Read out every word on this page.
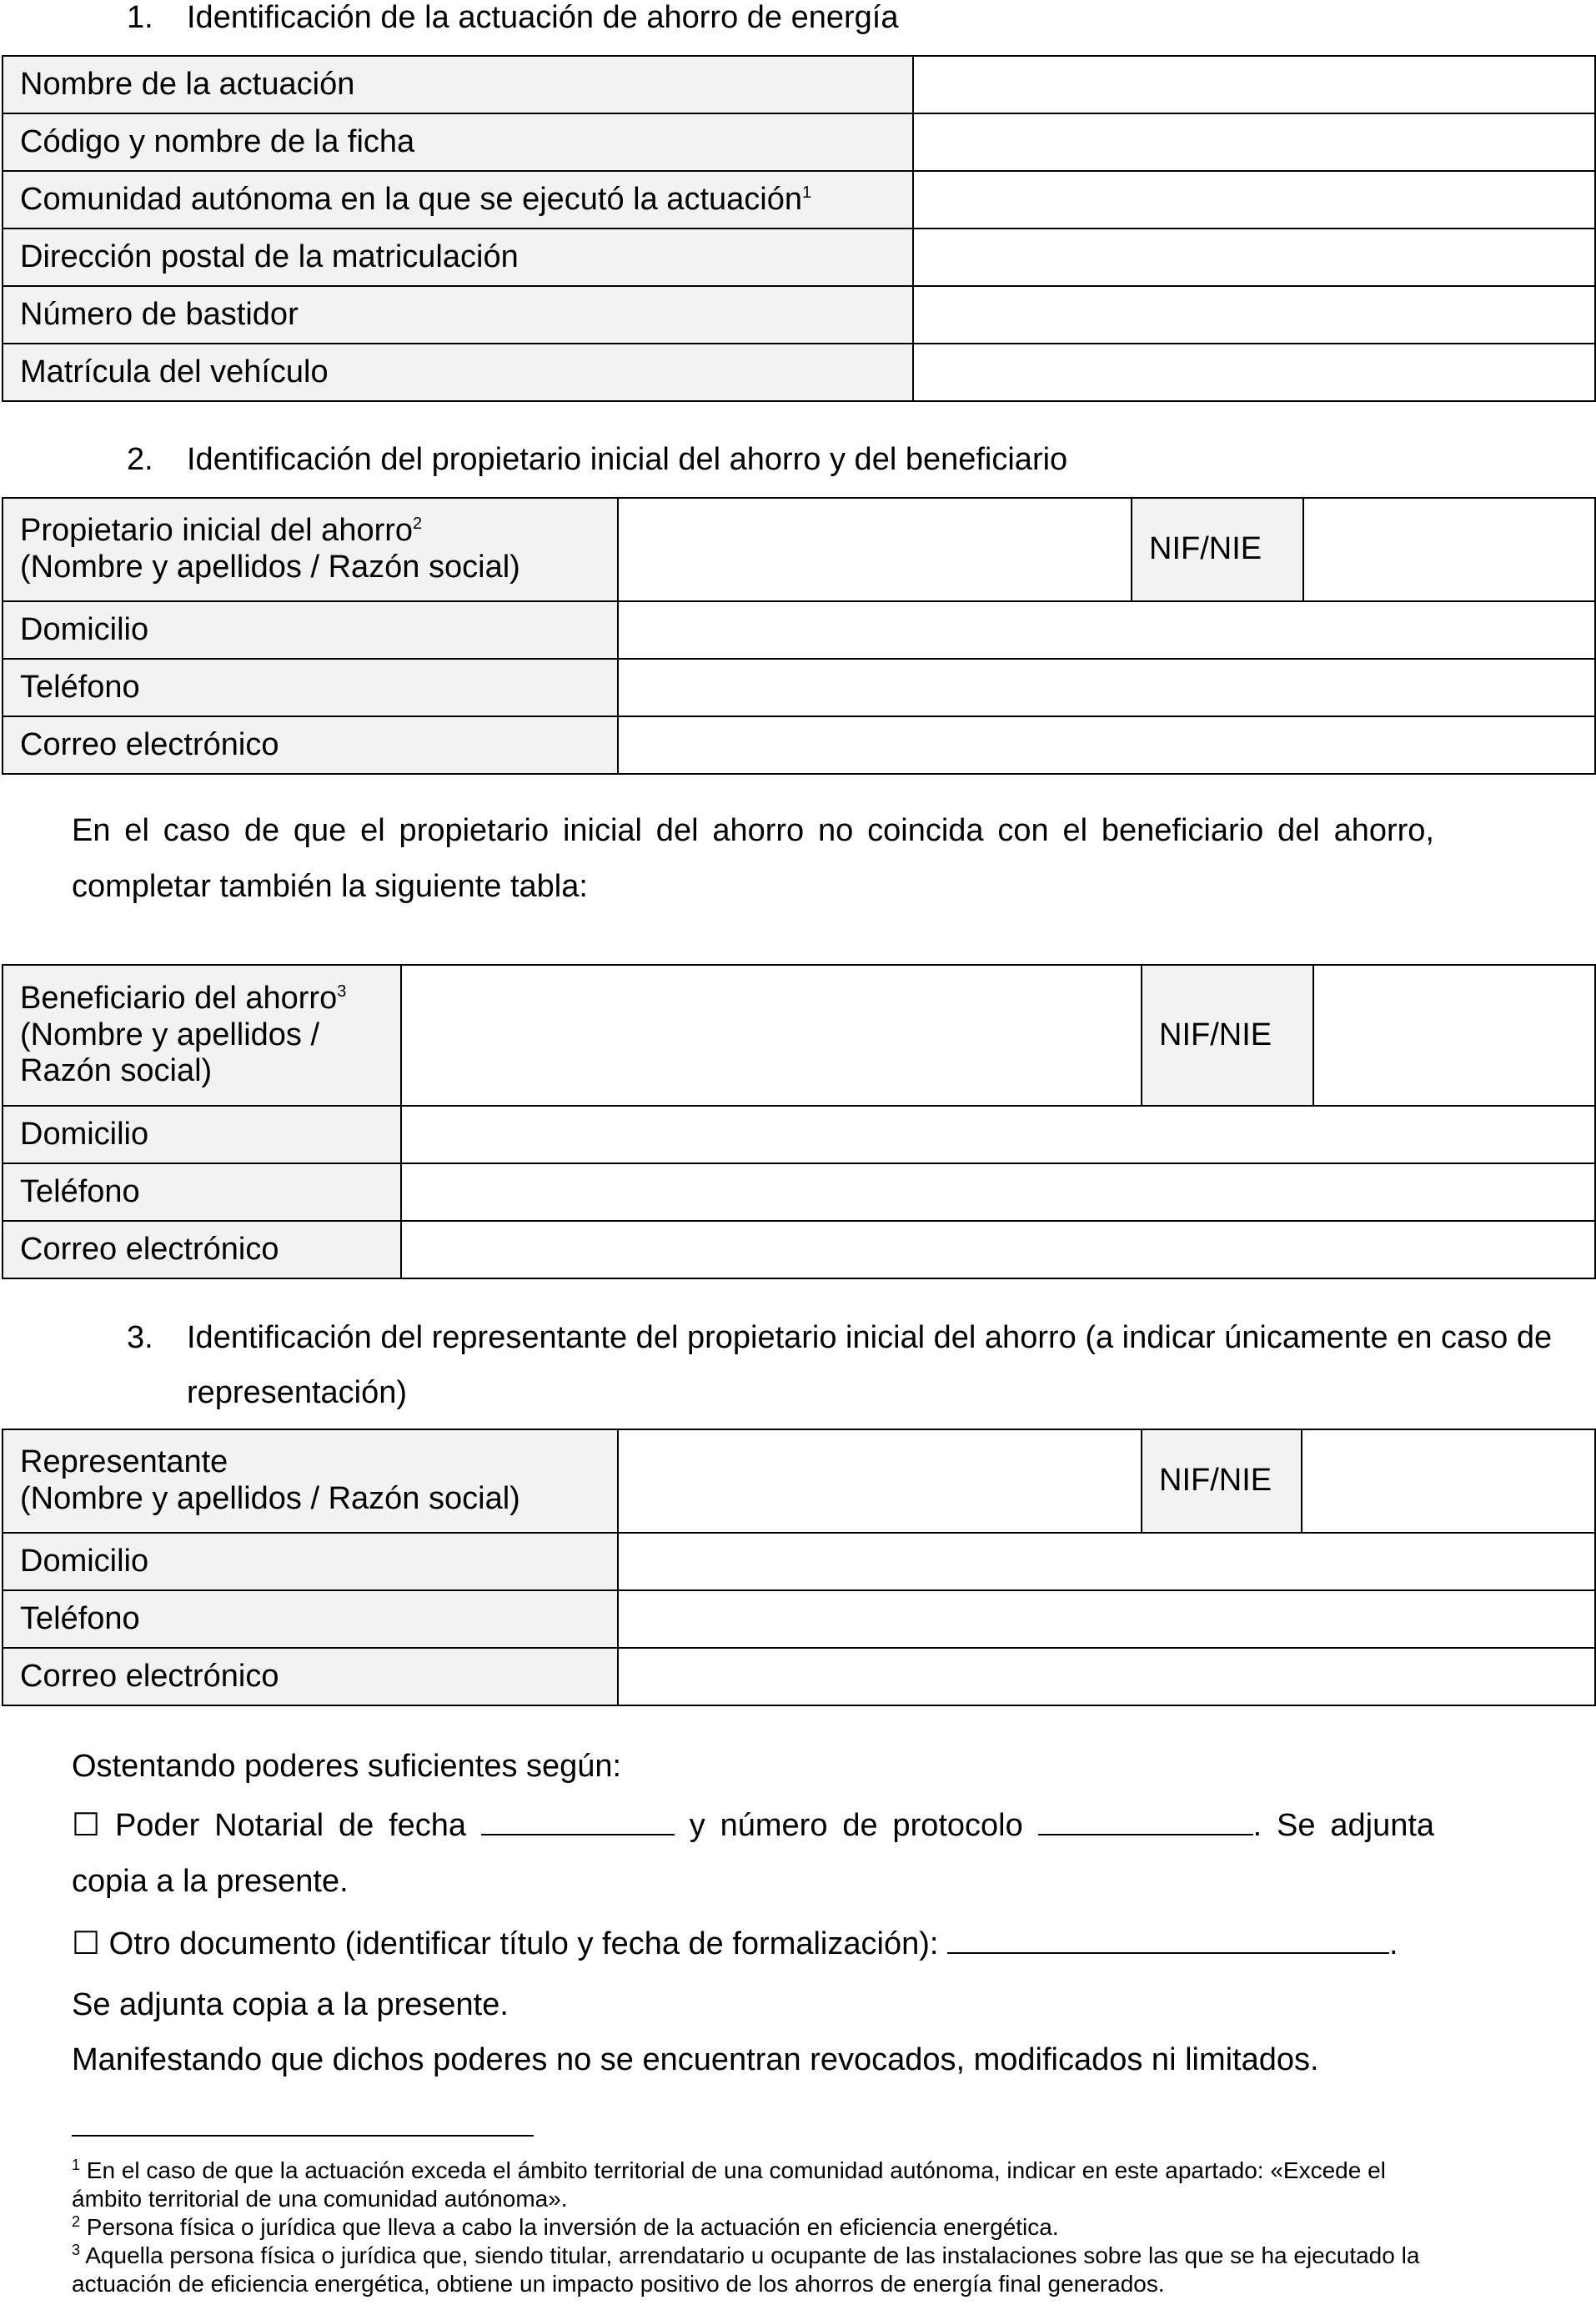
1.	Identificación de la actuación de ahorro de energía
Nombre de la actuación	
Código y nombre de la ficha	
Comunidad autónoma en la que se ejecutó la actuación$^1$	
Dirección postal de la matriculación	
Número de bastidor	
Matrícula del vehículo	
2.	Identificación del propietario inicial del ahorro y del beneficiario
Propietario inicial del ahorro$^2$
(Nombre y apellidos / Razón social)		NIF/NIE	
Domicilio			
Teléfono			
Correo electrónico			

En el caso de que el propietario inicial del ahorro no coincida con el beneficiario del ahorro, completar también la siguiente tabla:

Beneficiario del ahorro$^3$
(Nombre y apellidos /
Razón social)		NIF/NIE	
Domicilio			
Teléfono			
Correo electrónico			
3.	Identificación del representante del propietario inicial del ahorro (a indicar únicamente en caso de representación)
Representante
(Nombre y apellidos / Razón social)		NIF/NIE	
Domicilio			
Teléfono			
Correo electrónico			
Ostentando poderes suficientes según:
☐ Poder Notarial de fecha	y número de protocolo	. Se adjunta copia a la presente.
☐ Otro documento (identificar título y fecha de formalización):	.
Se adjunta copia a la presente.
Manifestando que dichos poderes no se encuentran revocados, modificados ni limitados.
$^1$ En el caso de que la actuación exceda el ámbito territorial de una comunidad autónoma, indicar en este apartado: «Excede el ámbito territorial de una comunidad autónoma».
$^2$ Persona física o jurídica que lleva a cabo la inversión de la actuación en eficiencia energética.
$^3$ Aquella persona física o jurídica que, siendo titular, arrendatario u ocupante de las instalaciones sobre las que se ha ejecutado la actuación de eficiencia energética, obtiene un impacto positivo de los ahorros de energía final generados.
